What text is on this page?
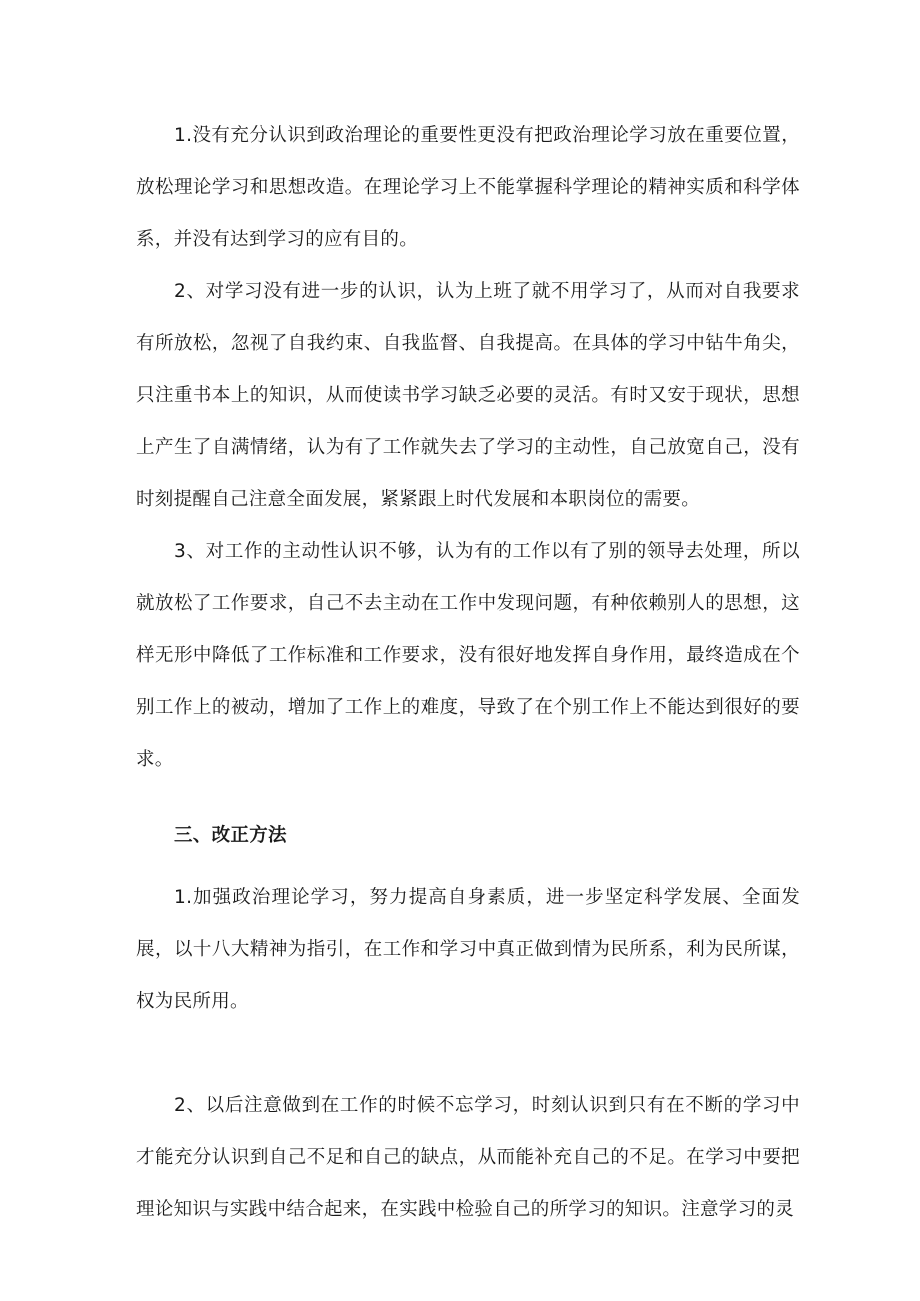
1.没有充分认识到政治理论的重要性更没有把政治理论学习放在重要位置，放松理论学习和思想改造。在理论学习上不能掌握科学理论的精神实质和科学体系，并没有达到学习的应有目的。

2、对学习没有进一步的认识，认为上班了就不用学习了，从而对自我要求有所放松，忽视了自我约束、自我监督、自我提高。在具体的学习中钻牛角尖，只注重书本上的知识，从而使读书学习缺乏必要的灵活。有时又安于现状，思想上产生了自满情绪，认为有了工作就失去了学习的主动性，自己放宽自己，没有时刻提醒自己注意全面发展，紧紧跟上时代发展和本职岗位的需要。

3、对工作的主动性认识不够，认为有的工作以有了别的领导去处理，所以就放松了工作要求，自己不去主动在工作中发现问题，有种依赖别人的思想，这样无形中降低了工作标准和工作要求，没有很好地发挥自身作用，最终造成在个别工作上的被动，增加了工作上的难度，导致了在个别工作上不能达到很好的要求。

三、改正方法

1.加强政治理论学习，努力提高自身素质，进一步坚定科学发展、全面发展，以十八大精神为指引，在工作和学习中真正做到情为民所系，利为民所谋，权为民所用。

2、以后注意做到在工作的时候不忘学习，时刻认识到只有在不断的学习中才能充分认识到自己不足和自己的缺点，从而能补充自己的不足。在学习中要把理论知识与实践中结合起来，在实践中检验自己的所学习的知识。注意学习的灵
